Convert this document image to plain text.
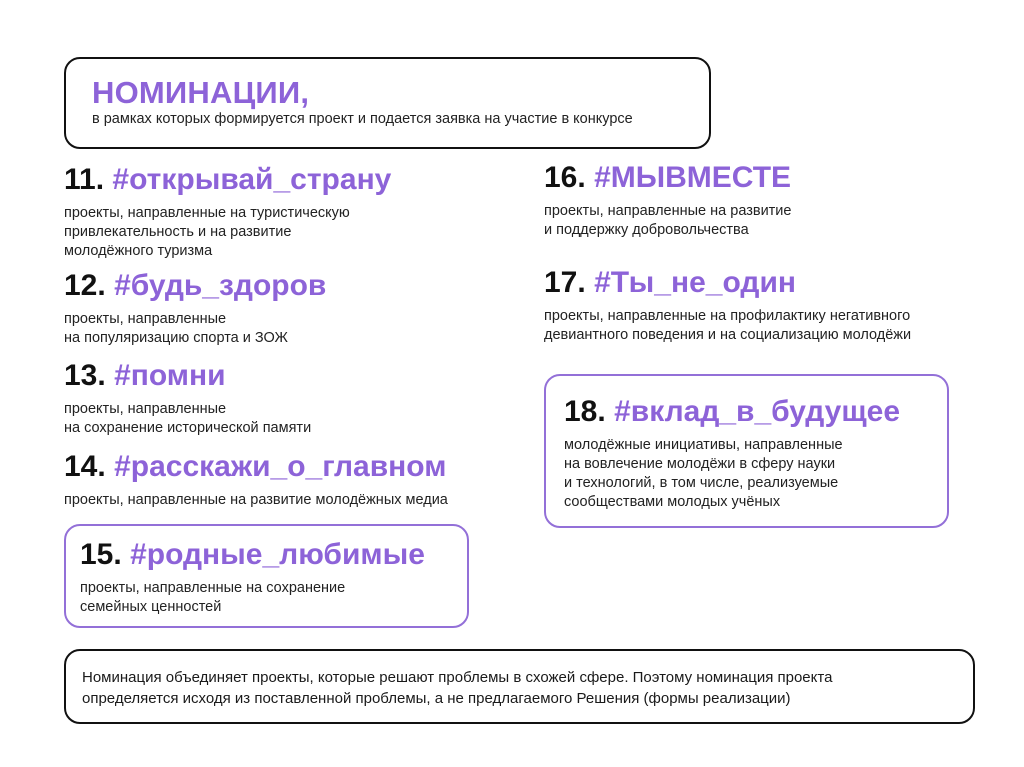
НОМИНАЦИИ,
в рамках которых формируется проект и подается заявка на участие в конкурсе
11. #открывай_страну
проекты, направленные на туристическую
привлекательность и на развитие
молодёжного туризма
12. #будь_здоров
проекты, направленные
на популяризацию спорта и ЗОЖ
13. #помни
проекты, направленные
на сохранение исторической памяти
14. #расскажи_о_главном
проекты, направленные на развитие молодёжных медиа
15. #родные_любимые
проекты, направленные на сохранение
семейных ценностей
16. #МЫВМЕСТЕ
проекты, направленные на развитие
и поддержку добровольчества
17. #Ты_не_один
проекты, направленные на профилактику негативного
девиантного поведения и на социализацию молодёжи
18. #вклад_в_будущее
молодёжные инициативы, направленные
на вовлечение молодёжи в сферу науки
и технологий, в том числе, реализуемые
сообществами молодых учёных
Номинация объединяет проекты, которые решают проблемы в схожей сфере. Поэтому номинация проекта
определяется исходя из поставленной проблемы, а не предлагаемого Решения (формы реализации)
